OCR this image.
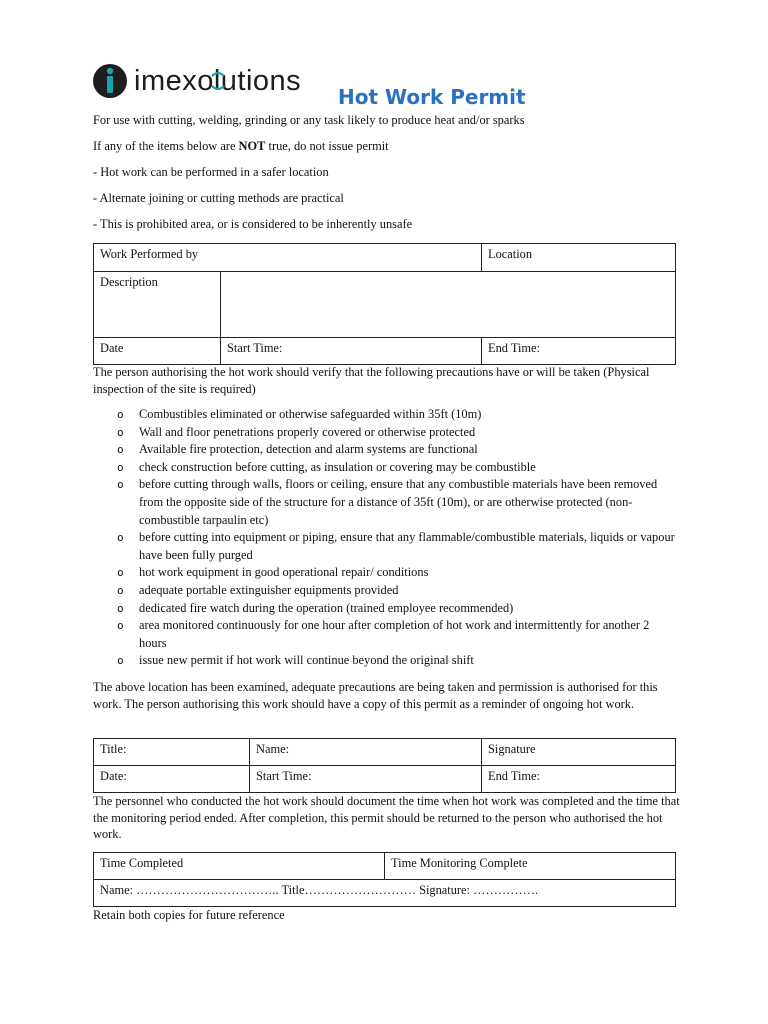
imexolutions Hot Work Permit
For use with cutting, welding, grinding or any task likely to produce heat and/or sparks
If any of the items below are NOT true, do not issue permit
- Hot work can be performed in a safer location
- Alternate joining or cutting methods are practical
- This is prohibited area, or is considered to be inherently unsafe
Work Performed by		Location
Description		
Date	Start Time:	End Time:
The person authorising the hot work should verify that the following precautions have or will be taken (Physical inspection of the site is required)
o Combustibles eliminated or otherwise safeguarded within 35ft (10m)
o Wall and floor penetrations properly covered or otherwise protected
o Available fire protection, detection and alarm systems are functional
o check construction before cutting, as insulation or covering may be combustible
o before cutting through walls, floors or ceiling, ensure that any combustible materials have been removed from the opposite side of the structure for a distance of 35ft (10m), or are otherwise protected (non-combustible tarpaulin etc)
o before cutting into equipment or piping, ensure that any flammable/combustible materials, liquids or vapour have been fully purged
o hot work equipment in good operational repair/ conditions
o adequate portable extinguisher equipments provided
o dedicated fire watch during the operation (trained employee recommended)
o area monitored continuously for one hour after completion of hot work and intermittently for another 2 hours
o issue new permit if hot work will continue beyond the original shift
The above location has been examined, adequate precautions are being taken and permission is authorised for this work. The person authorising this work should have a copy of this permit as a reminder of ongoing hot work.
Title:	Name:	Signature
Date:	Start Time:	End Time:
The personnel who conducted the hot work should document the time when hot work was completed and the time that the monitoring period ended. After completion, this permit should be returned to the person who authorised the hot work.
Time Completed	Time Monitoring Complete
Name: …………………………….. Title……………………… Signature: …………….
Retain both copies for future reference
